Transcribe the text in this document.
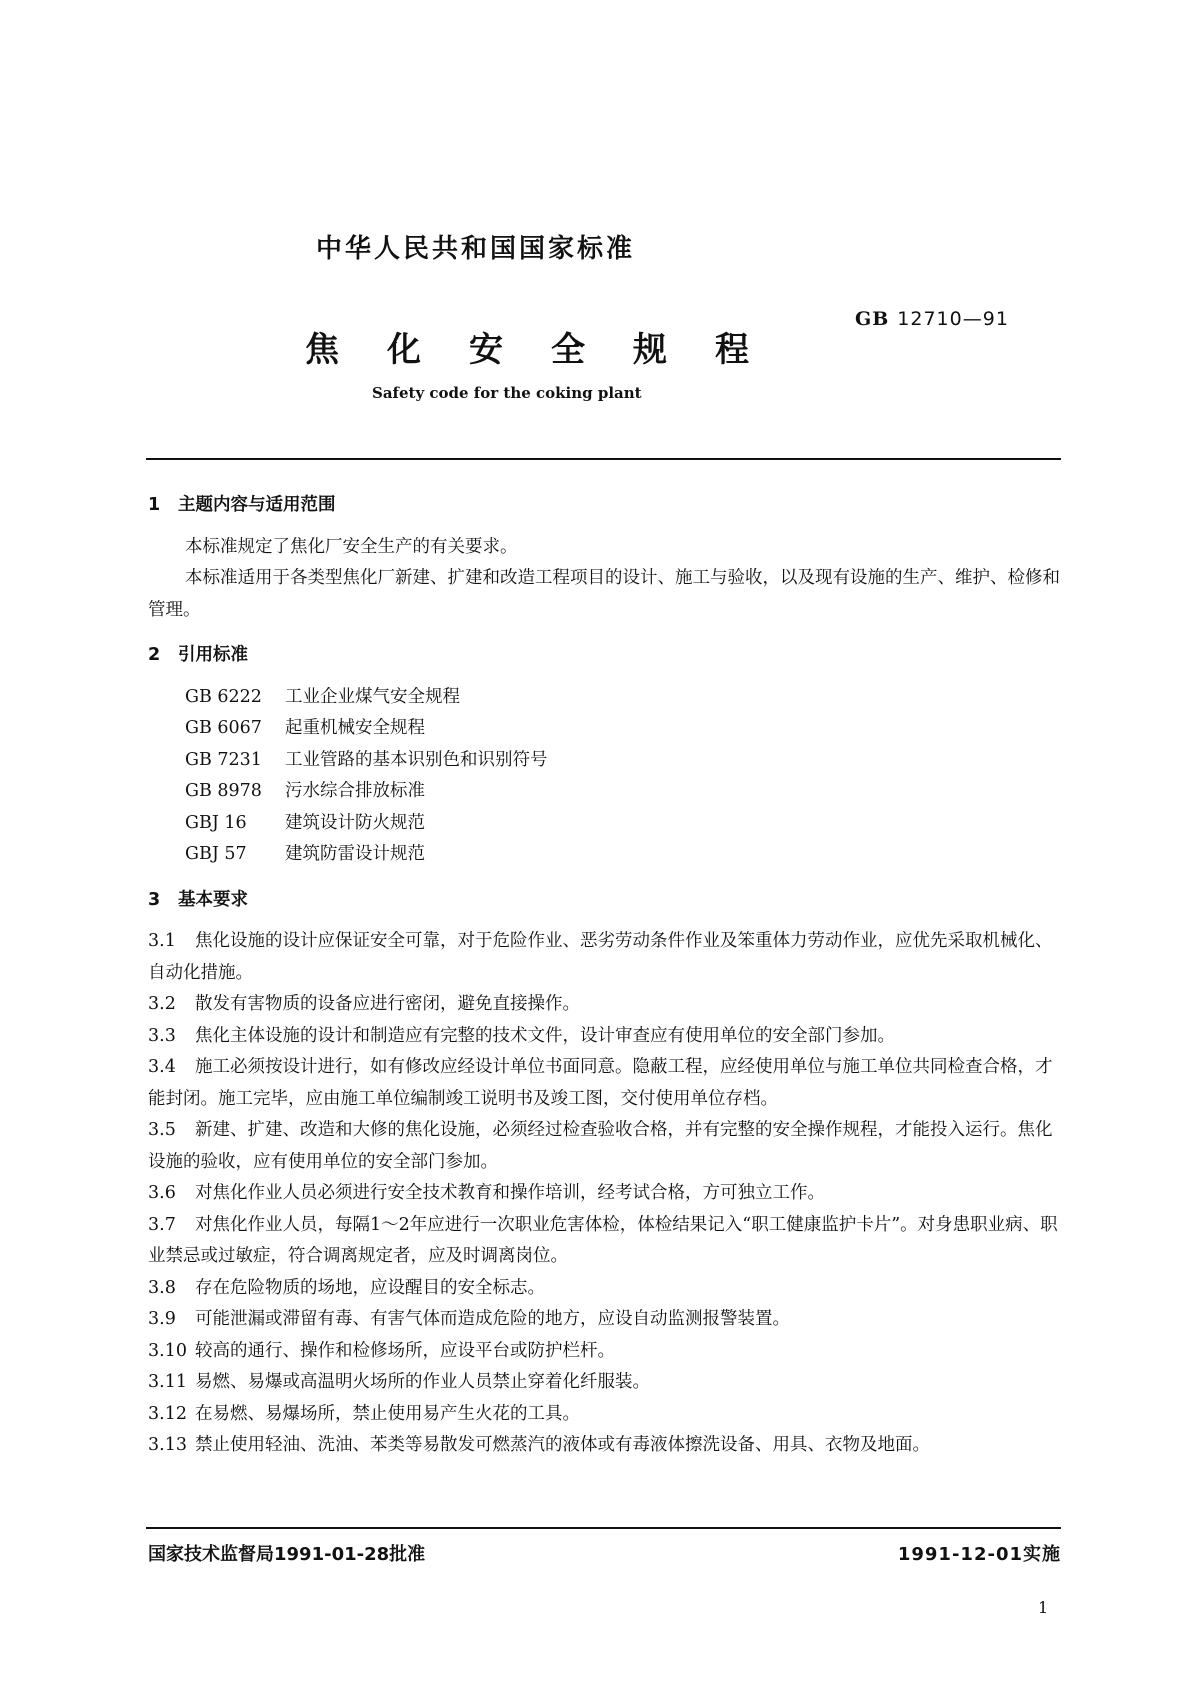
中华人民共和国国家标准
GB 12710—91
焦化安全规程
Safety code for the coking plant

1 主题内容与适用范围

本标准规定了焦化厂安全生产的有关要求。

本标准适用于各类型焦化厂新建、扩建和改造工程项目的设计、施工与验收，以及现有设施的生产、维护、检修和管理。

2 引用标准

GB 6222 工业企业煤气安全规程

GB 6067 起重机械安全规程

GB 7231 工业管路的基本识别色和识别符号

GB 8978 污水综合排放标准

GBJ 16 建筑设计防火规范

GBJ 57 建筑防雷设计规范

3 基本要求

3.1 焦化设施的设计应保证安全可靠，对于危险作业、恶劣劳动条件作业及笨重体力劳动作业，应优先采取机械化、自动化措施。

3.2 散发有害物质的设备应进行密闭，避免直接操作。

3.3 焦化主体设施的设计和制造应有完整的技术文件，设计审查应有使用单位的安全部门参加。

3.4 施工必须按设计进行，如有修改应经设计单位书面同意。隐蔽工程，应经使用单位与施工单位共同检查合格，才能封闭。施工完毕，应由施工单位编制竣工说明书及竣工图，交付使用单位存档。

3.5 新建、扩建、改造和大修的焦化设施，必须经过检查验收合格，并有完整的安全操作规程，才能投入运行。焦化设施的验收，应有使用单位的安全部门参加。

3.6 对焦化作业人员必须进行安全技术教育和操作培训，经考试合格，方可独立工作。

3.7 对焦化作业人员，每隔1～2年应进行一次职业危害体检，体检结果记入“职工健康监护卡片”。对身患职业病、职业禁忌或过敏症，符合调离规定者，应及时调离岗位。

3.8 存在危险物质的场地，应设醒目的安全标志。

3.9 可能泄漏或滞留有毒、有害气体而造成危险的地方，应设自动监测报警装置。

3.10 较高的通行、操作和检修场所，应设平台或防护栏杆。

3.11 易燃、易爆或高温明火场所的作业人员禁止穿着化纤服装。

3.12 在易燃、易爆场所，禁止使用易产生火花的工具。

3.13 禁止使用轻油、洗油、苯类等易散发可燃蒸汽的液体或有毒液体擦洗设备、用具、衣物及地面。

国家技术监督局1991-01-28批准	1991-12-01实施
1
